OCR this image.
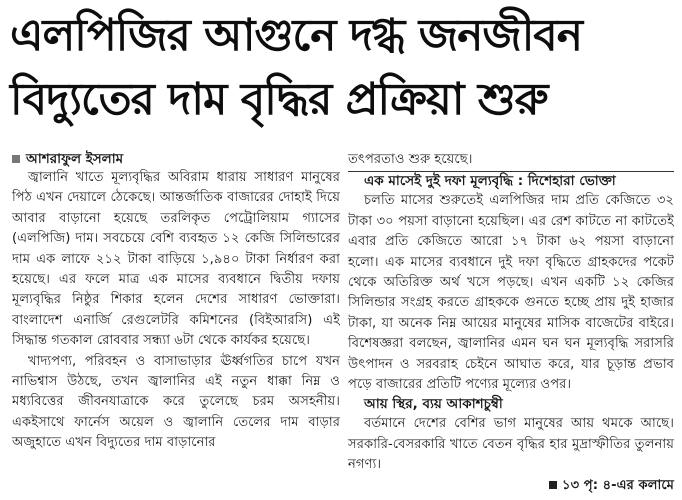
এলপিজির আগুনে দগ্ধ জনজীবন
বিদ্যুতের দাম বৃদ্ধির প্রক্রিয়া শুরু

আশরাফুল ইসলাম

জ্বালানি খাতে মূল্যবৃদ্ধির অবিরাম ধারায় সাধারণ মানুষের পিঠ এখন দেয়ালে ঠেকেছে। আন্তর্জাতিক বাজারের দোহাই দিয়ে আবার বাড়ানো হয়েছে তরলিকৃত পেট্রোলিয়াম গ্যাসের (এলপিজি) দাম। সবচেয়ে বেশি ব্যবহৃত ১২ কেজি সিলিন্ডারের দাম এক লাফে ২১২ টাকা বাড়িয়ে ১,৯৪০ টাকা নির্ধারণ করা হয়েছে। এর ফলে মাত্র এক মাসের ব্যবধানে দ্বিতীয় দফায় মূল্যবৃদ্ধির নিষ্ঠুর শিকার হলেন দেশের সাধারণ ভোক্তারা। বাংলাদেশ এনার্জি রেগুলেটরি কমিশনের (বিইআরসি) এই সিদ্ধান্ত গতকাল রোববার সন্ধ্যা ৬টা থেকে কার্যকর হয়েছে।

খাদ্যপণ্য, পরিবহন ও বাসাভাড়ার ঊর্ধ্বগতির চাপে যখন নাভিশ্বাস উঠছে, তখন জ্বালানির এই নতুন ধাক্কা নিম্ন ও মধ্যবিত্তের জীবনযাত্রাকে করে তুলেছে চরম অসহনীয়। একইসাথে ফার্নেস অয়েল ও জ্বালানি তেলের দাম বাড়ার অজুহাতে এখন বিদ্যুতের দাম বাড়ানোর

তৎপরতাও শুরু হয়েছে।

এক মাসেই দুই দফা মূল্যবৃদ্ধি : দিশেহারা ভোক্তা

চলতি মাসের শুরুতেই এলপিজির দাম প্রতি কেজিতে ৩২ টাকা ৩০ পয়সা বাড়ানো হয়েছিল। এর রেশ কাটতে না কাটতেই এবার প্রতি কেজিতে আরো ১৭ টাকা ৬২ পয়সা বাড়ানো হলো। এক মাসের ব্যবধানে দুই দফা বৃদ্ধিতে গ্রাহকদের পকেট থেকে অতিরিক্ত অর্থ খসে পড়ছে। এখন একটি ১২ কেজির সিলিন্ডার সংগ্রহ করতে গ্রাহককে গুনতে হচ্ছে প্রায় দুই হাজার টাকা, যা অনেক নিম্ন আয়ের মানুষের মাসিক বাজেটের বাইরে। বিশেষজ্ঞরা বলছেন, জ্বালানির এমন ঘন ঘন মূল্যবৃদ্ধি সরাসরি উৎপাদন ও সরবরাহ চেইনে আঘাত করে, যার চূড়ান্ত প্রভাব পড়ে বাজারের প্রতিটি পণ্যের মূল্যের ওপর।

আয় স্থির, ব্যয় আকাশচুম্বী

বর্তমানে দেশের বেশির ভাগ মানুষের আয় থমকে আছে। সরকারি-বেসরকারি খাতে বেতন বৃদ্ধির হার মুদ্রাস্ফীতির তুলনায় নগণ্য।

১৩ পৃ: ৪-এর কলামে
